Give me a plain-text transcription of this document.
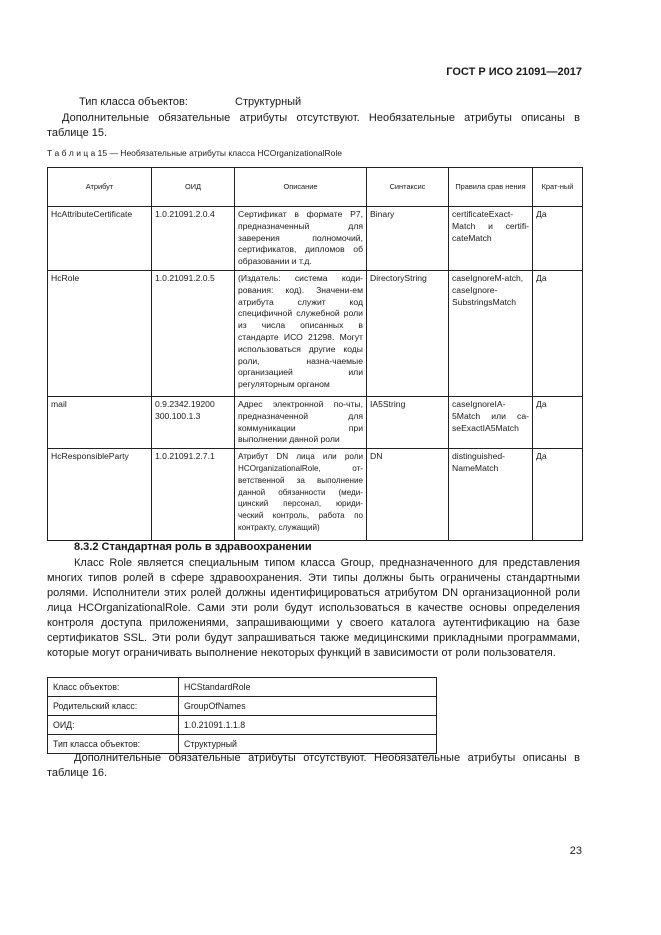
ГОСТ Р ИСО 21091—2017
Тип класса объектов:	Структурный
Дополнительные обязательные атрибуты отсутствуют. Необязательные атрибуты описаны в таблице 15.
Т а б л и ц а 15 — Необязательные атрибуты класса HCOrganizationalRole
Атрибут	ОИД	Описание	Синтаксис	Правила срав нения	Крат-ный
HcAttributeCertificate	1.0.21091.2.0.4	Сертификат в формате P7, предназначенный для заверения полномочий, сертификатов, дипломов об образовании и т.д.	Binary	certificateExact-Match и certifi-cateMatch	Да
HcRole	1.0.21091.2.0.5	(Издатель: система коди-рования: код). Значени-ем атрибута служит код специфичной служебной роли из числа описанных в стандарте ИСО 21298. Могут использоваться другие коды роли, назна-чаемые организацией или регуляторным органом	DirectoryString	caseIgnoreM-atch, caseIgnore-SubstringsMatch	Да
mail	0.9.2342.19200 300.100.1.3	Адрес электронной по-чты, предназначенной для коммуникации при выполнении данной роли	IA5String	caseIgnoreIA-5Match или ca-seExactIA5Match	Да
HcResponsibleParty	1.0.21091.2.7.1	Атрибут DN лица или роли HCOrganizationalRole, от-ветственной за выполнение данной обязанности (меди-цинский персонал, юриди-ческий контроль, работа по контракту, служащий)	DN	distinguished-NameMatch	Да
8.3.2 Стандартная роль в здравоохранении
Класс Role является специальным типом класса Group, предназначенного для представления многих типов ролей в сфере здравоохранения. Эти типы должны быть ограничены стандартными ролями. Исполнители этих ролей должны идентифицироваться атрибутом DN организационной роли лица HCOrganizationalRole. Сами эти роли будут использоваться в качестве основы определения контроля доступа приложениями, запрашивающими у своего каталога аутентификацию на базе сертификатов SSL. Эти роли будут запрашиваться также медицинскими прикладными программами, которые могут ограничивать выполнение некоторых функций в зависимости от роли пользователя.
Класс объектов:	HCStandardRole
Родительский класс:	GroupOfNames
ОИД:	1.0.21091.1.1.8
Тип класса объектов:	Структурный
Дополнительные обязательные атрибуты отсутствуют. Необязательные атрибуты описаны в таблице 16.
23
